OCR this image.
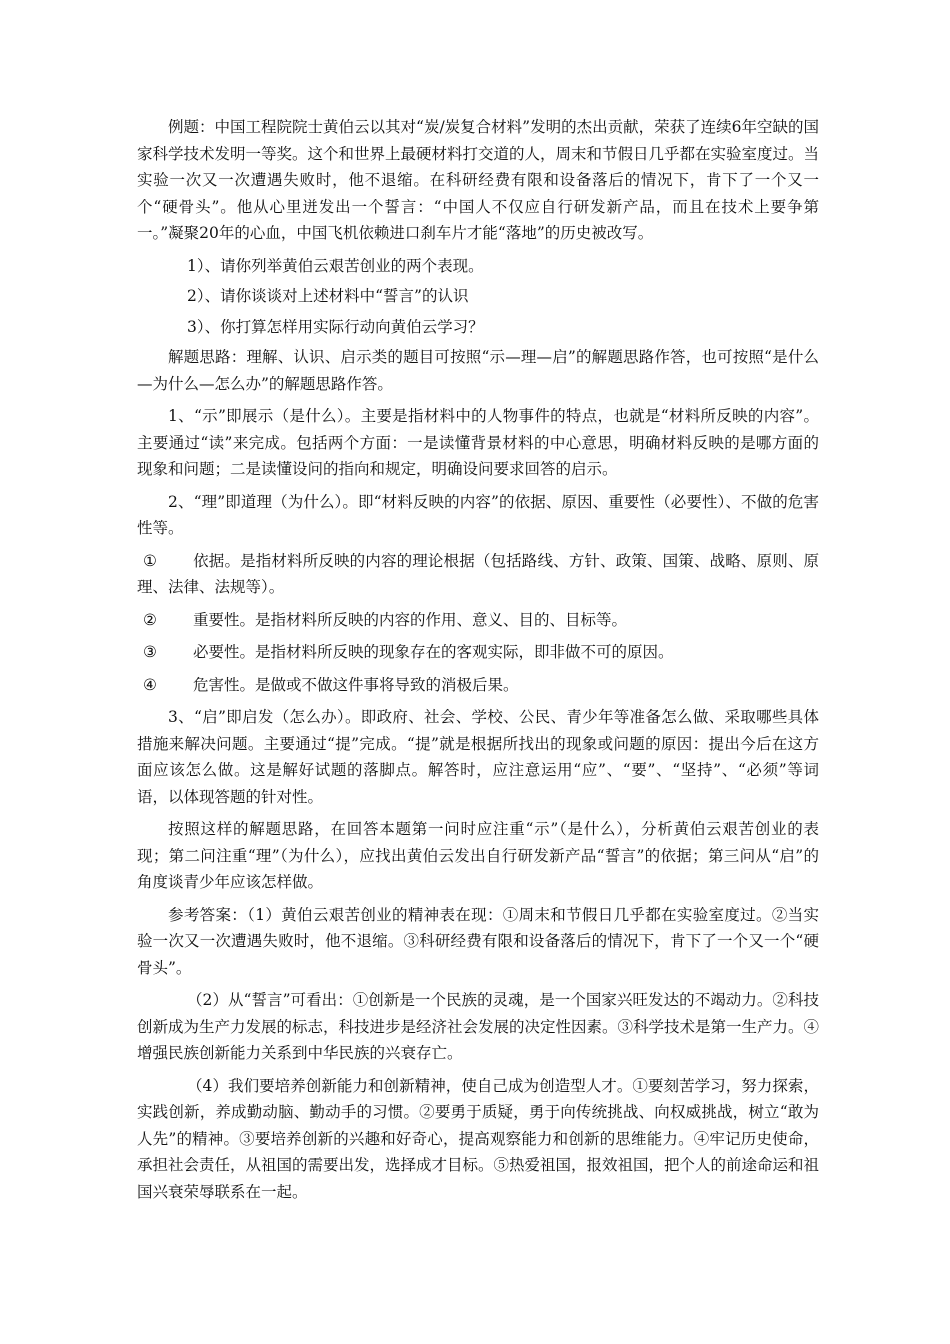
例题：中国工程院院士黄伯云以其对“炭/炭复合材料”发明的杰出贡献，荣获了连续6年空缺的国家科学技术发明一等奖。这个和世界上最硬材料打交道的人，周末和节假日几乎都在实验室度过。当实验一次又一次遭遇失败时，他不退缩。在科研经费有限和设备落后的情况下，肯下了一个又一个“硬骨头”。他从心里迸发出一个誓言：“中国人不仅应自行研发新产品，而且在技术上要争第一。”凝聚20年的心血，中国飞机依赖进口刹车片才能“落地”的历史被改写。

1）、请你列举黄伯云艰苦创业的两个表现。

2）、请你谈谈对上述材料中“誓言”的认识

3）、你打算怎样用实际行动向黄伯云学习？

解题思路：理解、认识、启示类的题目可按照“示—理—启”的解题思路作答，也可按照“是什么—为什么—怎么办”的解题思路作答。

1、“示”即展示（是什么）。主要是指材料中的人物事件的特点，也就是“材料所反映的内容”。主要通过“读”来完成。包括两个方面：一是读懂背景材料的中心意思，明确材料反映的是哪方面的现象和问题；二是读懂设问的指向和规定，明确设问要求回答的启示。

2、“理”即道理（为什么）。即“材料反映的内容”的依据、原因、重要性（必要性）、不做的危害性等。

① 依据。是指材料所反映的内容的理论根据（包括路线、方针、政策、国策、战略、原则、原理、法律、法规等）。

② 重要性。是指材料所反映的内容的作用、意义、目的、目标等。

③ 必要性。是指材料所反映的现象存在的客观实际，即非做不可的原因。

④ 危害性。是做或不做这件事将导致的消极后果。

3、“启”即启发（怎么办）。即政府、社会、学校、公民、青少年等准备怎么做、采取哪些具体措施来解决问题。主要通过“提”完成。“提”就是根据所找出的现象或问题的原因：提出今后在这方面应该怎么做。这是解好试题的落脚点。解答时，应注意运用“应”、“要”、“坚持”、“必须”等词语，以体现答题的针对性。

按照这样的解题思路，在回答本题第一问时应注重“示”（是什么），分析黄伯云艰苦创业的表现；第二问注重“理”（为什么），应找出黄伯云发出自行研发新产品“誓言”的依据；第三问从“启”的角度谈青少年应该怎样做。

参考答案：（1）黄伯云艰苦创业的精神表在现：①周末和节假日几乎都在实验室度过。②当实验一次又一次遭遇失败时，他不退缩。③科研经费有限和设备落后的情况下，肯下了一个又一个“硬骨头”。

（2）从“誓言”可看出：①创新是一个民族的灵魂，是一个国家兴旺发达的不竭动力。②科技创新成为生产力发展的标志，科技进步是经济社会发展的决定性因素。③科学技术是第一生产力。④增强民族创新能力关系到中华民族的兴衰存亡。

（4）我们要培养创新能力和创新精神，使自己成为创造型人才。①要刻苦学习，努力探索，实践创新，养成勤动脑、勤动手的习惯。②要勇于质疑，勇于向传统挑战、向权威挑战，树立“敢为人先”的精神。③要培养创新的兴趣和好奇心，提高观察能力和创新的思维能力。④牢记历史使命，承担社会责任，从祖国的需要出发，选择成才目标。⑤热爱祖国，报效祖国，把个人的前途命运和祖国兴衰荣辱联系在一起。
